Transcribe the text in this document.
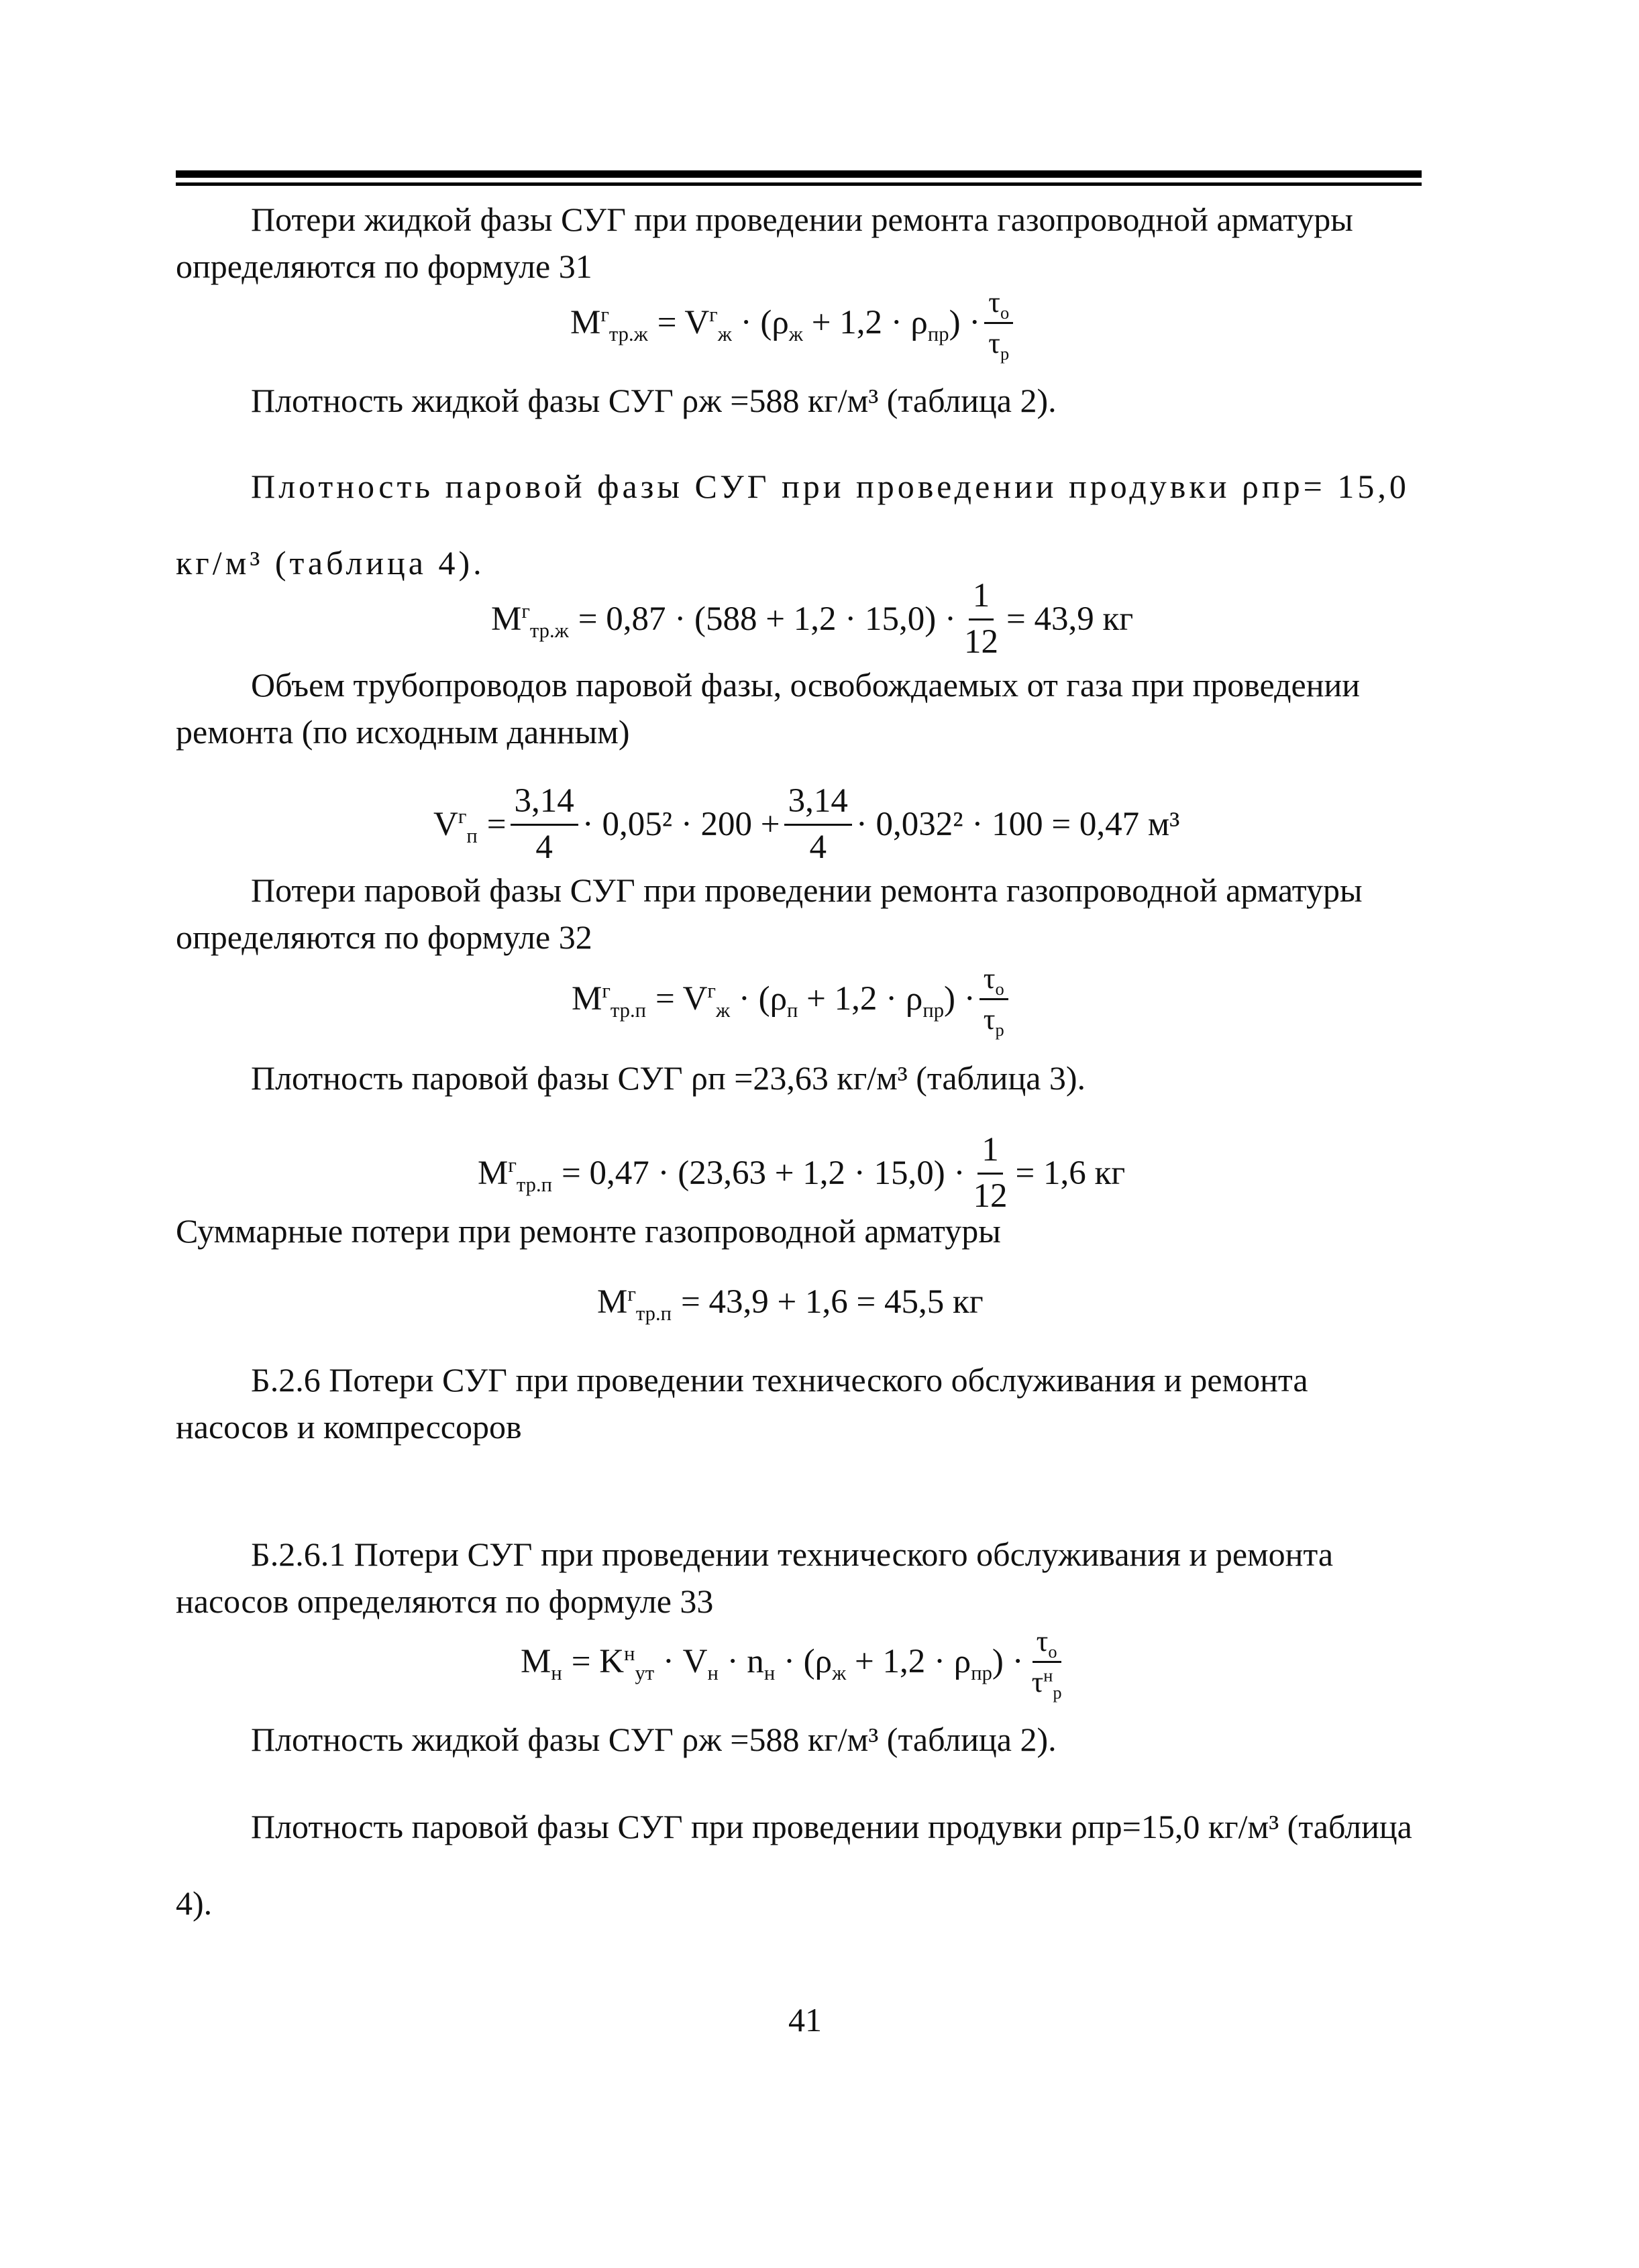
Потери жидкой фазы СУГ при проведении ремонта газопроводной арматуры определяются по формуле 31

$M^г_{тр.ж} = V^г_ж \cdot (\rho_ж + 1,2 \cdot \rho_{пр}) \cdot \frac{\tau_о}{\tau_р}$

Плотность жидкой фазы СУГ ρж =588 кг/м³ (таблица 2).

Плотность паровой фазы СУГ при проведении продувки ρпр= 15,0 кг/м³ (таблица 4).

$M^г_{тр.ж} = 0,87 \cdot (588 + 1,2 \cdot 15,0) \cdot \frac{1}{12} = 43,9$ кг

Объем трубопроводов паровой фазы, освобождаемых от газа при проведении ремонта (по исходным данным)

$V^г_п = \frac{3,14}{4} \cdot 0,05^2 \cdot 200 + \frac{3,14}{4} \cdot 0,032^2 \cdot 100 = 0,47$ м³

Потери паровой фазы СУГ при проведении ремонта газопроводной арматуры определяются по формуле 32

$M^г_{тр.п} = V^г_ж \cdot (\rho_п + 1,2 \cdot \rho_{пр}) \cdot \frac{\tau_о}{\tau_р}$

Плотность паровой фазы СУГ ρп =23,63 кг/м³ (таблица 3).

$M^г_{тр.п} = 0,47 \cdot (23,63 + 1,2 \cdot 15,0) \cdot \frac{1}{12} = 1,6$ кг

Суммарные потери при ремонте газопроводной арматуры

$M^г_{тр.п} = 43,9 + 1,6 = 45,5$ кг

Б.2.6 Потери СУГ при проведении технического обслуживания и ремонта насосов и компрессоров

Б.2.6.1 Потери СУГ при проведении технического обслуживания и ремонта насосов определяются по формуле 33

$M_н = K^н_{ут} \cdot V_н \cdot n_н \cdot (\rho_ж + 1,2 \cdot \rho_{пр}) \cdot \frac{\tau_о}{\tau^н_р}$

Плотность жидкой фазы СУГ ρж =588 кг/м³ (таблица 2).

Плотность паровой фазы СУГ при проведении продувки ρпр=15,0 кг/м³ (таблица 4).

41
